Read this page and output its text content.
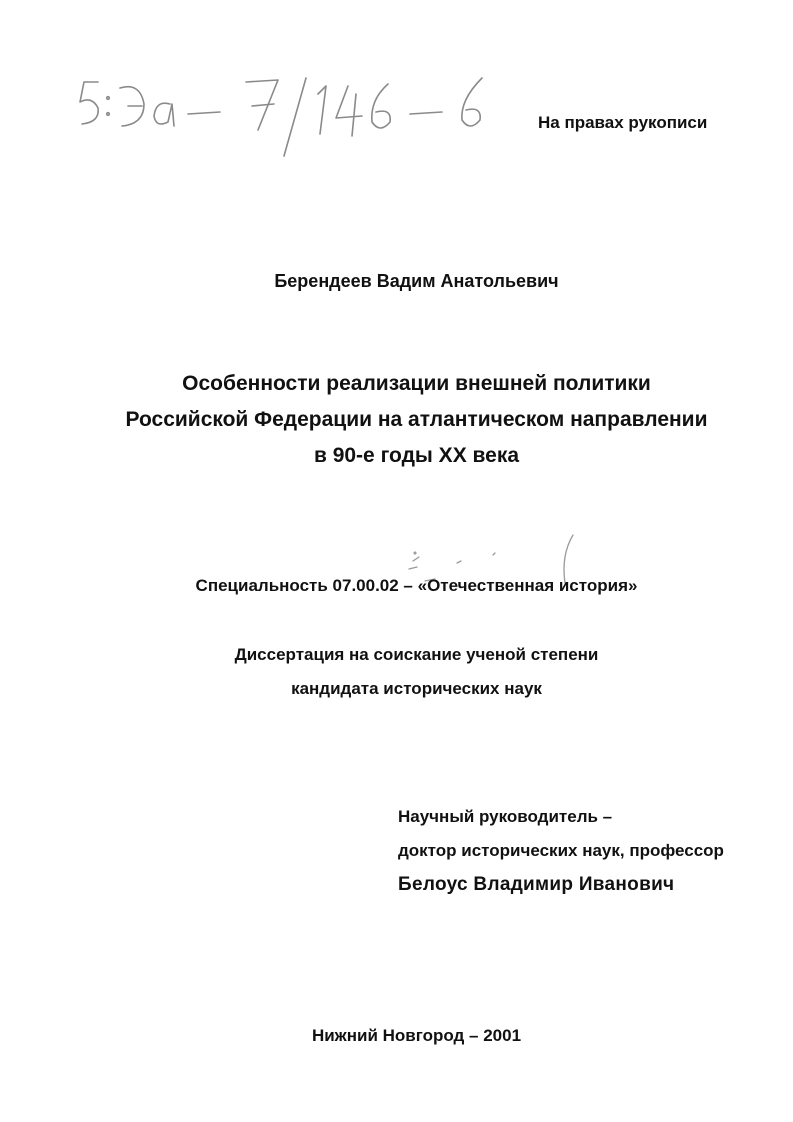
На правах рукописи
Берендеев Вадим Анатольевич
Особенности реализации внешней политики
Российской Федерации на атлантическом направлении
в 90-е годы XX века
Специальность 07.00.02 – «Отечественная история»
Диссертация на соискание ученой степени
кандидата исторических наук
Научный руководитель –
доктор исторических наук, профессор
Белоус Владимир Иванович
Нижний Новгород – 2001
